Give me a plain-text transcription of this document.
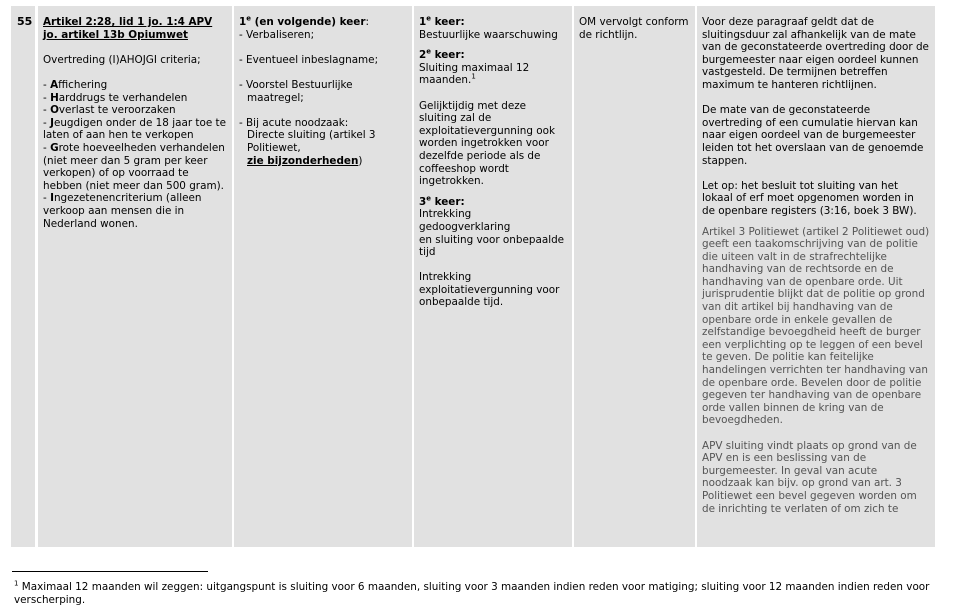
55 Artikel 2:28, lid 1 jo. 1:4 APV
jo. artikel 13b Opiumwet

Overtreding (I)AHOJGI criteria;

- Affichering

- Harddrugs te verhandelen

- Overlast te veroorzaken

- Jeugdigen onder de 18 jaar toe te laten of aan hen te verkopen

- Grote hoeveelheden verhandelen (niet meer dan 5 gram per keer verkopen) of op voorraad te hebben (niet meer dan 500 gram).

- Ingezetenencriterium (alleen verkoop aan mensen die in Nederland wonen.

1e (en volgende) keer:

- Verbaliseren;

- Eventueel inbeslagname;

- Voorstel Bestuurlijke
maatregel;

- Bij acute noodzaak:

Directe sluiting (artikel 3 Politiewet,
zie bijzonderheden)

1e keer:

Bestuurlijke waarschuwing

2e keer:

Sluiting maximaal 12 maanden.$^1$

Gelijktijdig met deze sluiting zal de exploitatievergunning ook worden ingetrokken voor dezelfde periode als de coffeeshop wordt ingetrokken.

3e keer:

Intrekking
gedoogverklaring
en sluiting voor onbepaalde tijd

Intrekking exploitatievergunning voor onbepaalde tijd.

OM vervolgt conform de richtlijn.

Voor deze paragraaf geldt dat de sluitingsduur zal afhankelijk van de mate van de geconstateerde overtreding door de burgemeester naar eigen oordeel kunnen vastgesteld. De termijnen betreffen maximum te hanteren richtlijnen.

De mate van de geconstateerde overtreding of een cumulatie hiervan kan naar eigen oordeel van de burgemeester leiden tot het overslaan van de genoemde stappen.

Let op: het besluit tot sluiting van het lokaal of erf moet opgenomen worden in de openbare registers (3:16, boek 3 BW).

Artikel 3 Politiewet (artikel 2 Politiewet oud) geeft een taakomschrijving van de politie die uiteen valt in de strafrechtelijke handhaving van de rechtsorde en de handhaving van de openbare orde. Uit jurisprudentie blijkt dat de politie op grond van dit artikel bij handhaving van de openbare orde in enkele gevallen de zelfstandige bevoegdheid heeft de burger een verplichting op te leggen of een bevel te geven. De politie kan feitelijke handelingen verrichten ter handhaving van de openbare orde. Bevelen door de politie gegeven ter handhaving van de openbare orde vallen binnen de kring van de bevoegdheden.

APV sluiting vindt plaats op grond van de APV en is een beslissing van de burgemeester. In geval van acute noodzaak kan bijv. op grond van art. 3 Politiewet een bevel gegeven worden om de inrichting te verlaten of om zich te

$^1$ Maximaal 12 maanden wil zeggen: uitgangspunt is sluiting voor 6 maanden, sluiting voor 3 maanden indien reden voor matiging; sluiting voor 12 maanden indien reden voor verscherping.
